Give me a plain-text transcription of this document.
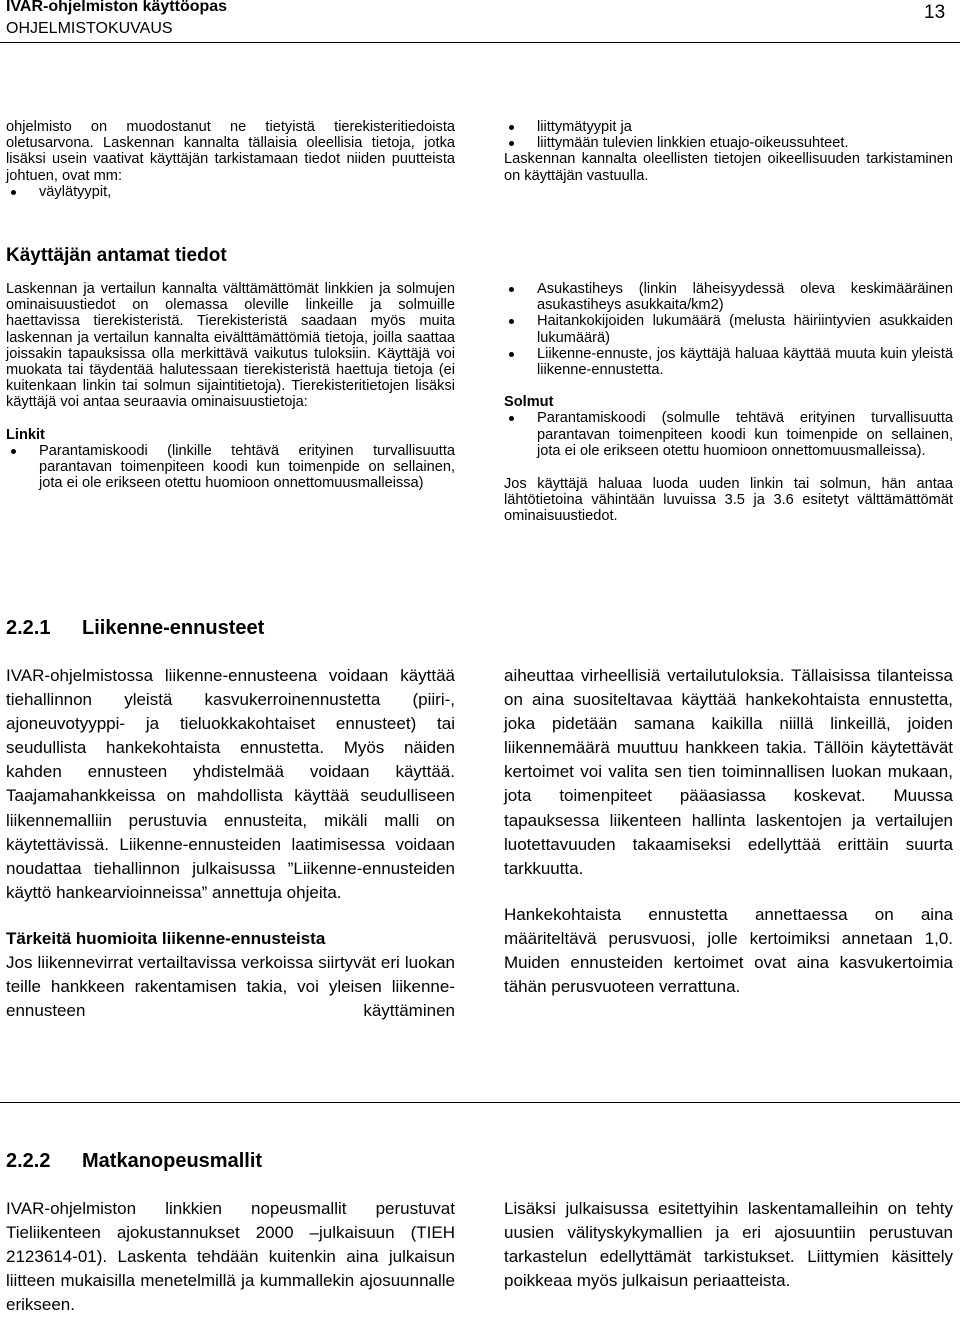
IVAR-ohjelmiston käyttöopas
OHJELMISTOKUVAUS
13

ohjelmisto on muodostanut ne tietyistä tierekisteritiedoista oletusarvona. Laskennan kannalta tällaisia oleellisia tietoja, jotka lisäksi usein vaativat käyttäjän tarkistamaan tiedot niiden puutteista johtuen, ovat mm:

väylätyypit,
liittymätyypit ja
liittymään tulevien linkkien etuajo-oikeussuhteet.

Laskennan kannalta oleellisten tietojen oikeellisuuden tarkistaminen on käyttäjän vastuulla.

Käyttäjän antamat tiedot

Laskennan ja vertailun kannalta välttämättömät linkkien ja solmujen ominaisuustiedot on olemassa oleville linkeille ja solmuille haettavissa tierekisteristä. Tierekisteristä saadaan myös muita laskennan ja vertailun kannalta eivälttämättömiä tietoja, joilla saattaa joissakin tapauksissa olla merkittävä vaikutus tuloksiin. Käyttäjä voi muokata tai täydentää halutessaan tierekisteristä haettuja tietoja (ei kuitenkaan linkin tai solmun sijaintitietoja). Tierekisteritietojen lisäksi käyttäjä voi antaa seuraavia ominaisuustietoja:

Linkit
Parantamiskoodi (linkille tehtävä erityinen turvallisuutta parantavan toimenpiteen koodi kun toimenpide on sellainen, jota ei ole erikseen otettu huomioon onnettomuusmalleissa)
Asukastiheys (linkin läheisyydessä oleva keskimääräinen asukastiheys asukkaita/km2)
Haitankokijoiden lukumäärä (melusta häiriintyvien asukkaiden lukumäärä)
Liikenne-ennuste, jos käyttäjä haluaa käyttää muuta kuin yleistä liikenne-ennustetta.
Solmut
Parantamiskoodi (solmulle tehtävä erityinen turvallisuutta parantavan toimenpiteen koodi kun toimenpide on sellainen, jota ei ole erikseen otettu huomioon onnettomuusmalleissa).

Jos käyttäjä haluaa luoda uuden linkin tai solmun, hän antaa lähtötietoina vähintään luvuissa 3.5 ja 3.6 esitetyt välttämättömät ominaisuustiedot.

2.2.1 Liikenne-ennusteet

IVAR-ohjelmistossa liikenne-ennusteena voidaan käyttää tiehallinnon yleistä kasvukerroinennustetta (piiri-, ajoneuvotyyppi- ja tieluokkakohtaiset ennusteet) tai seudullista hankekohtaista ennustetta. Myös näiden kahden ennusteen yhdistelmää voidaan käyttää. Taajamahankkeissa on mahdollista käyttää seudulliseen liikennemalliin perustuvia ennusteita, mikäli malli on käytettävissä. Liikenne-ennusteiden laatimisessa voidaan noudattaa tiehallinnon julkaisussa ”Liikenne-ennusteiden käyttö hankearvioinneissa” annettuja ohjeita.

Tärkeitä huomioita liikenne-ennusteista

Jos liikennevirrat vertailtavissa verkoissa siirtyvät eri luokan teille hankkeen rakentamisen takia, voi yleisen liikenne-ennusteen käyttäminen

aiheuttaa virheellisiä vertailutuloksia. Tällaisissa tilanteissa on aina suositeltavaa käyttää hankekohtaista ennustetta, joka pidetään samana kaikilla niillä linkeillä, joiden liikennemäärä muuttuu hankkeen takia. Tällöin käytettävät kertoimet voi valita sen tien toiminnallisen luokan mukaan, jota toimenpiteet pääasiassa koskevat. Muussa tapauksessa liikenteen hallinta laskentojen ja vertailujen luotettavuuden takaamiseksi edellyttää erittäin suurta tarkkuutta.

Hankekohtaista ennustetta annettaessa on aina määriteltävä perusvuosi, jolle kertoimiksi annetaan 1,0. Muiden ennusteiden kertoimet ovat aina kasvukertoimia tähän perusvuoteen verrattuna.

2.2.2 Matkanopeusmallit

IVAR-ohjelmiston linkkien nopeusmallit perustuvat Tieliikenteen ajokustannukset 2000 –julkaisuun (TIEH 2123614-01). Laskenta tehdään kuitenkin aina julkaisun liitteen mukaisilla menetelmillä ja kummallekin ajosuunnalle erikseen.

Lisäksi julkaisussa esitettyihin laskentamalleihin on tehty uusien välityskykymallien ja eri ajosuuntiin perustuvan tarkastelun edellyttämät tarkistukset. Liittymien käsittely poikkeaa myös julkaisun periaatteista.
